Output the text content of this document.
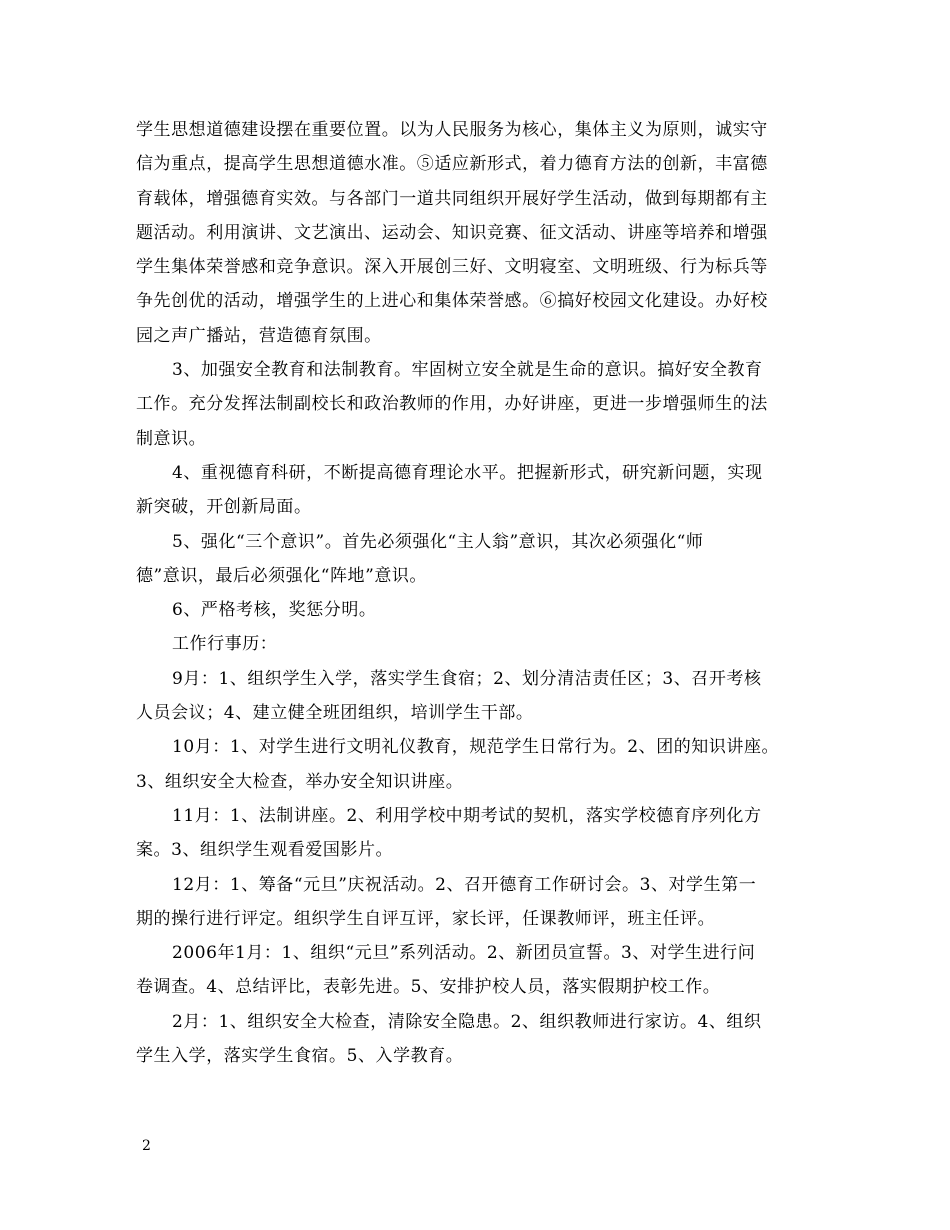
学生思想道德建设摆在重要位置。以为人民服务为核心，集体主义为原则，诚实守
信为重点，提高学生思想道德水准。⑤适应新形式，着力德育方法的创新，丰富德
育载体，增强德育实效。与各部门一道共同组织开展好学生活动，做到每期都有主
题活动。利用演讲、文艺演出、运动会、知识竞赛、征文活动、讲座等培养和增强
学生集体荣誉感和竞争意识。深入开展创三好、文明寝室、文明班级、行为标兵等
争先创优的活动，增强学生的上进心和集体荣誉感。⑥搞好校园文化建设。办好校
园之声广播站，营造德育氛围。
3、加强安全教育和法制教育。牢固树立安全就是生命的意识。搞好安全教育
工作。充分发挥法制副校长和政治教师的作用，办好讲座，更进一步增强师生的法
制意识。
4、重视德育科研，不断提高德育理论水平。把握新形式，研究新问题，实现
新突破，开创新局面。
5、强化“三个意识”。首先必须强化“主人翁”意识，其次必须强化“师
德”意识，最后必须强化“阵地”意识。
6、严格考核，奖惩分明。
工作行事历：
9月：1、组织学生入学，落实学生食宿；2、划分清洁责任区；3、召开考核
人员会议；4、建立健全班团组织，培训学生干部。
10月：1、对学生进行文明礼仪教育，规范学生日常行为。2、团的知识讲座。
3、组织安全大检查，举办安全知识讲座。
11月：1、法制讲座。2、利用学校中期考试的契机，落实学校德育序列化方
案。3、组织学生观看爱国影片。
12月：1、筹备“元旦”庆祝活动。2、召开德育工作研讨会。3、对学生第一
期的操行进行评定。组织学生自评互评，家长评，任课教师评，班主任评。
2006年1月：1、组织“元旦”系列活动。2、新团员宣誓。3、对学生进行问
卷调查。4、总结评比，表彰先进。5、安排护校人员，落实假期护校工作。
2月：1、组织安全大检查，清除安全隐患。2、组织教师进行家访。4、组织
学生入学，落实学生食宿。5、入学教育。
2
